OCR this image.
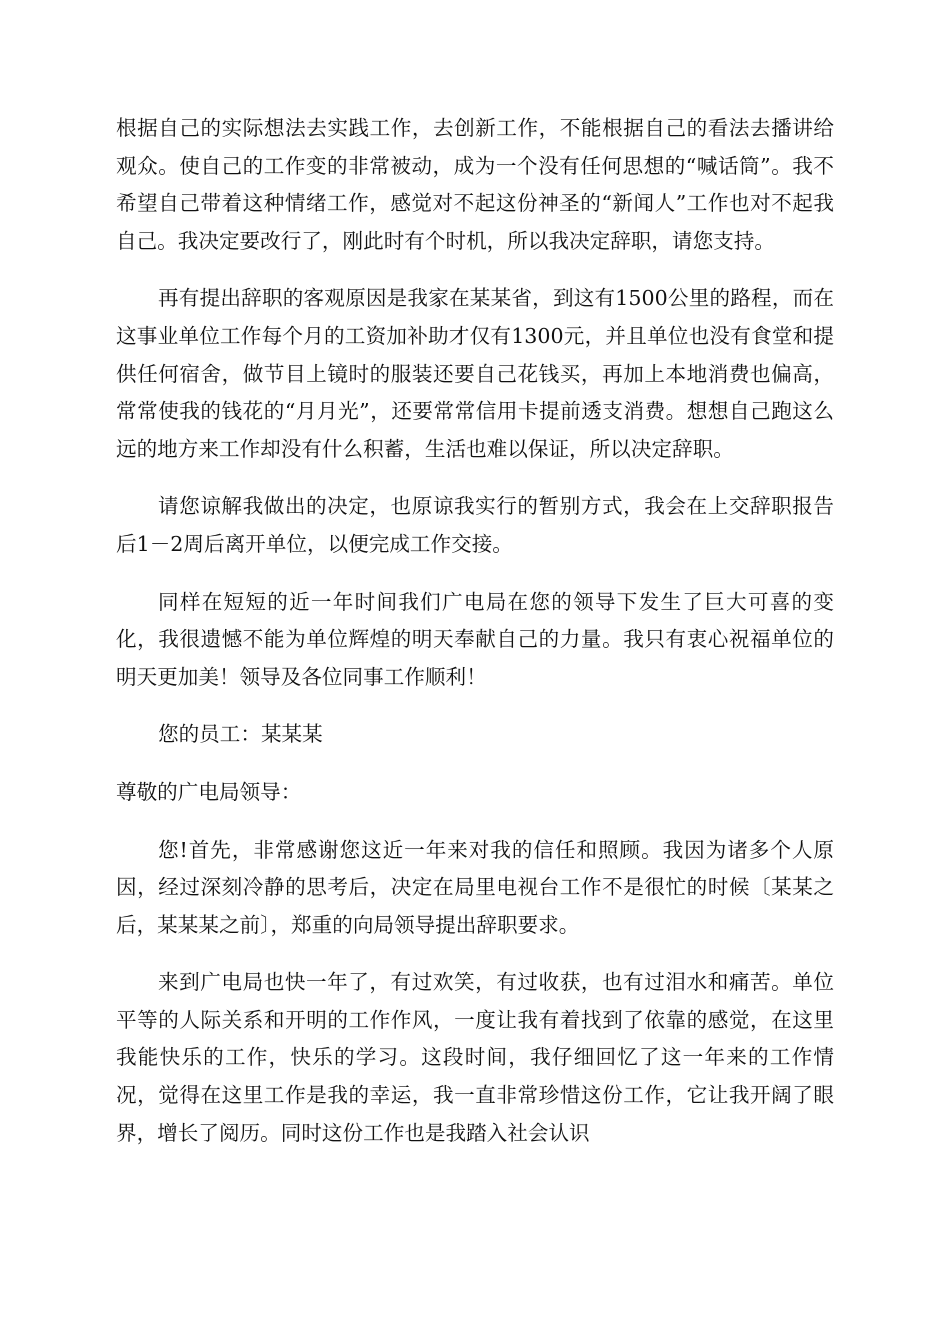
根据自己的实际想法去实践工作，去创新工作，不能根据自己的看法去播讲给观众。使自己的工作变的非常被动，成为一个没有任何思想的“喊话筒”。我不希望自己带着这种情绪工作，感觉对不起这份神圣的“新闻人”工作也对不起我自己。我决定要改行了，刚此时有个时机，所以我决定辞职，请您支持。

再有提出辞职的客观原因是我家在某某省，到这有1500公里的路程，而在这事业单位工作每个月的工资加补助才仅有1300元，并且单位也没有食堂和提供任何宿舍，做节目上镜时的服装还要自己花钱买，再加上本地消费也偏高，常常使我的钱花的“月月光”，还要常常信用卡提前透支消费。想想自己跑这么远的地方来工作却没有什么积蓄，生活也难以保证，所以决定辞职。

请您谅解我做出的决定，也原谅我实行的暂别方式，我会在上交辞职报告后1－2周后离开单位，以便完成工作交接。

同样在短短的近一年时间我们广电局在您的领导下发生了巨大可喜的变化，我很遗憾不能为单位辉煌的明天奉献自己的力量。我只有衷心祝福单位的明天更加美！领导及各位同事工作顺利！

您的员工：某某某

尊敬的广电局领导：

您!首先，非常感谢您这近一年来对我的信任和照顾。我因为诸多个人原因，经过深刻冷静的思考后，决定在局里电视台工作不是很忙的时候〔某某之后，某某某之前〕，郑重的向局领导提出辞职要求。

来到广电局也快一年了，有过欢笑，有过收获，也有过泪水和痛苦。单位平等的人际关系和开明的工作作风，一度让我有着找到了依靠的感觉，在这里我能快乐的工作，快乐的学习。这段时间，我仔细回忆了这一年来的工作情况，觉得在这里工作是我的幸运，我一直非常珍惜这份工作，它让我开阔了眼界，增长了阅历。同时这份工作也是我踏入社会认识
